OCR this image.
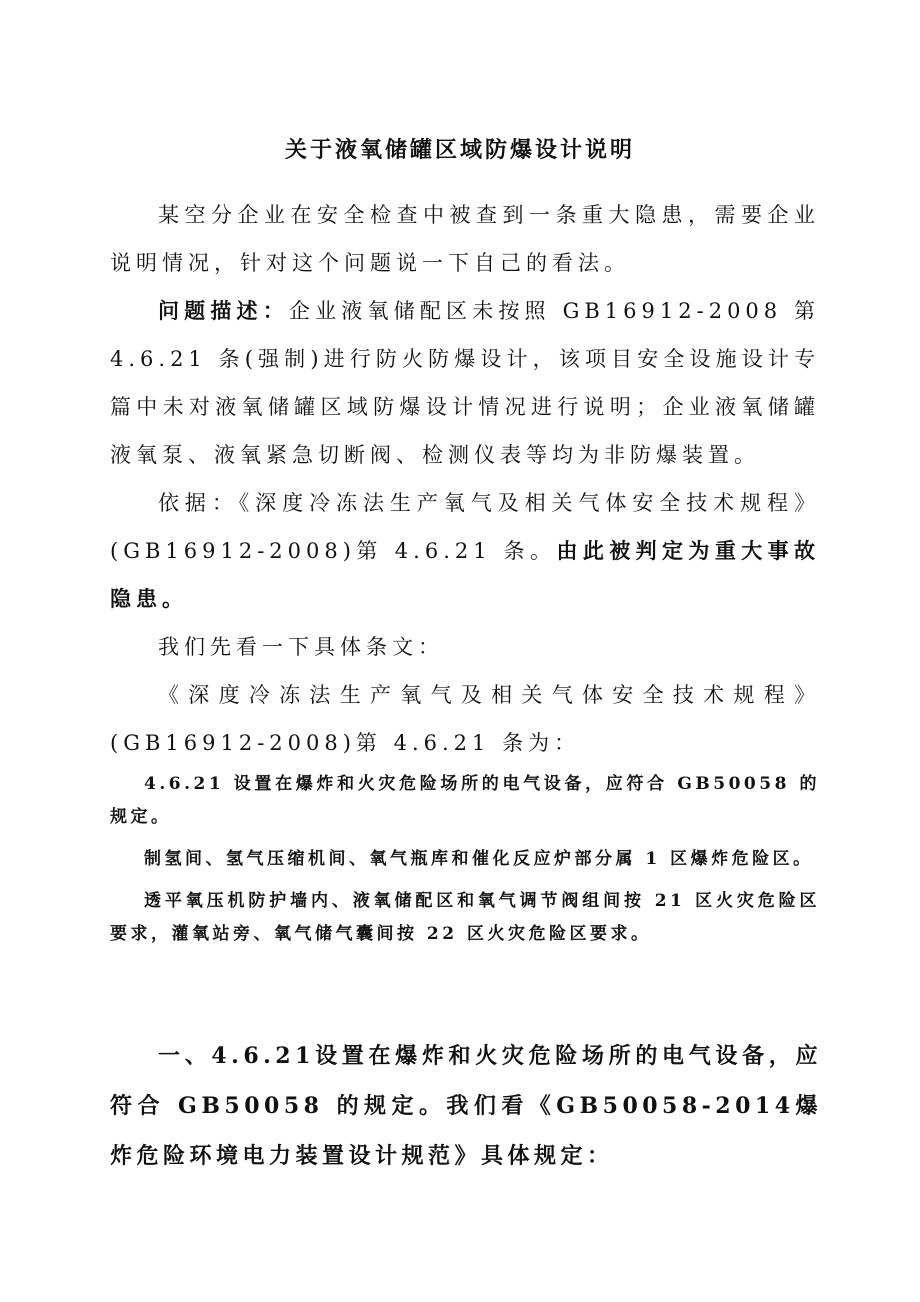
关于液氧储罐区域防爆设计说明

某空分企业在安全检查中被查到一条重大隐患，需要企业说明情况，针对这个问题说一下自己的看法。

问题描述：企业液氧储配区未按照 GB16912-2008 第 4.6.21 条(强制)进行防火防爆设计，该项目安全设施设计专篇中未对液氧储罐区域防爆设计情况进行说明；企业液氧储罐液氧泵、液氧紧急切断阀、检测仪表等均为非防爆装置。

依据：《深度冷冻法生产氧气及相关气体安全技术规程》(GB16912-2008)第 4.6.21 条。由此被判定为重大事故隐患。

我们先看一下具体条文：

《深度冷冻法生产氧气及相关气体安全技术规程》(GB16912-2008)第 4.6.21 条为：

4.6.21 设置在爆炸和火灾危险场所的电气设备，应符合 GB50058 的规定。

制氢间、氢气压缩机间、氧气瓶库和催化反应炉部分属 1 区爆炸危险区。

透平氧压机防护墙内、液氧储配区和氧气调节阀组间按 21 区火灾危险区要求，灌氧站旁、氧气储气囊间按 22 区火灾危险区要求。

一、4.6.21设置在爆炸和火灾危险场所的电气设备，应符合 GB50058 的规定。我们看《GB50058-2014爆炸危险环境电力装置设计规范》具体规定：
